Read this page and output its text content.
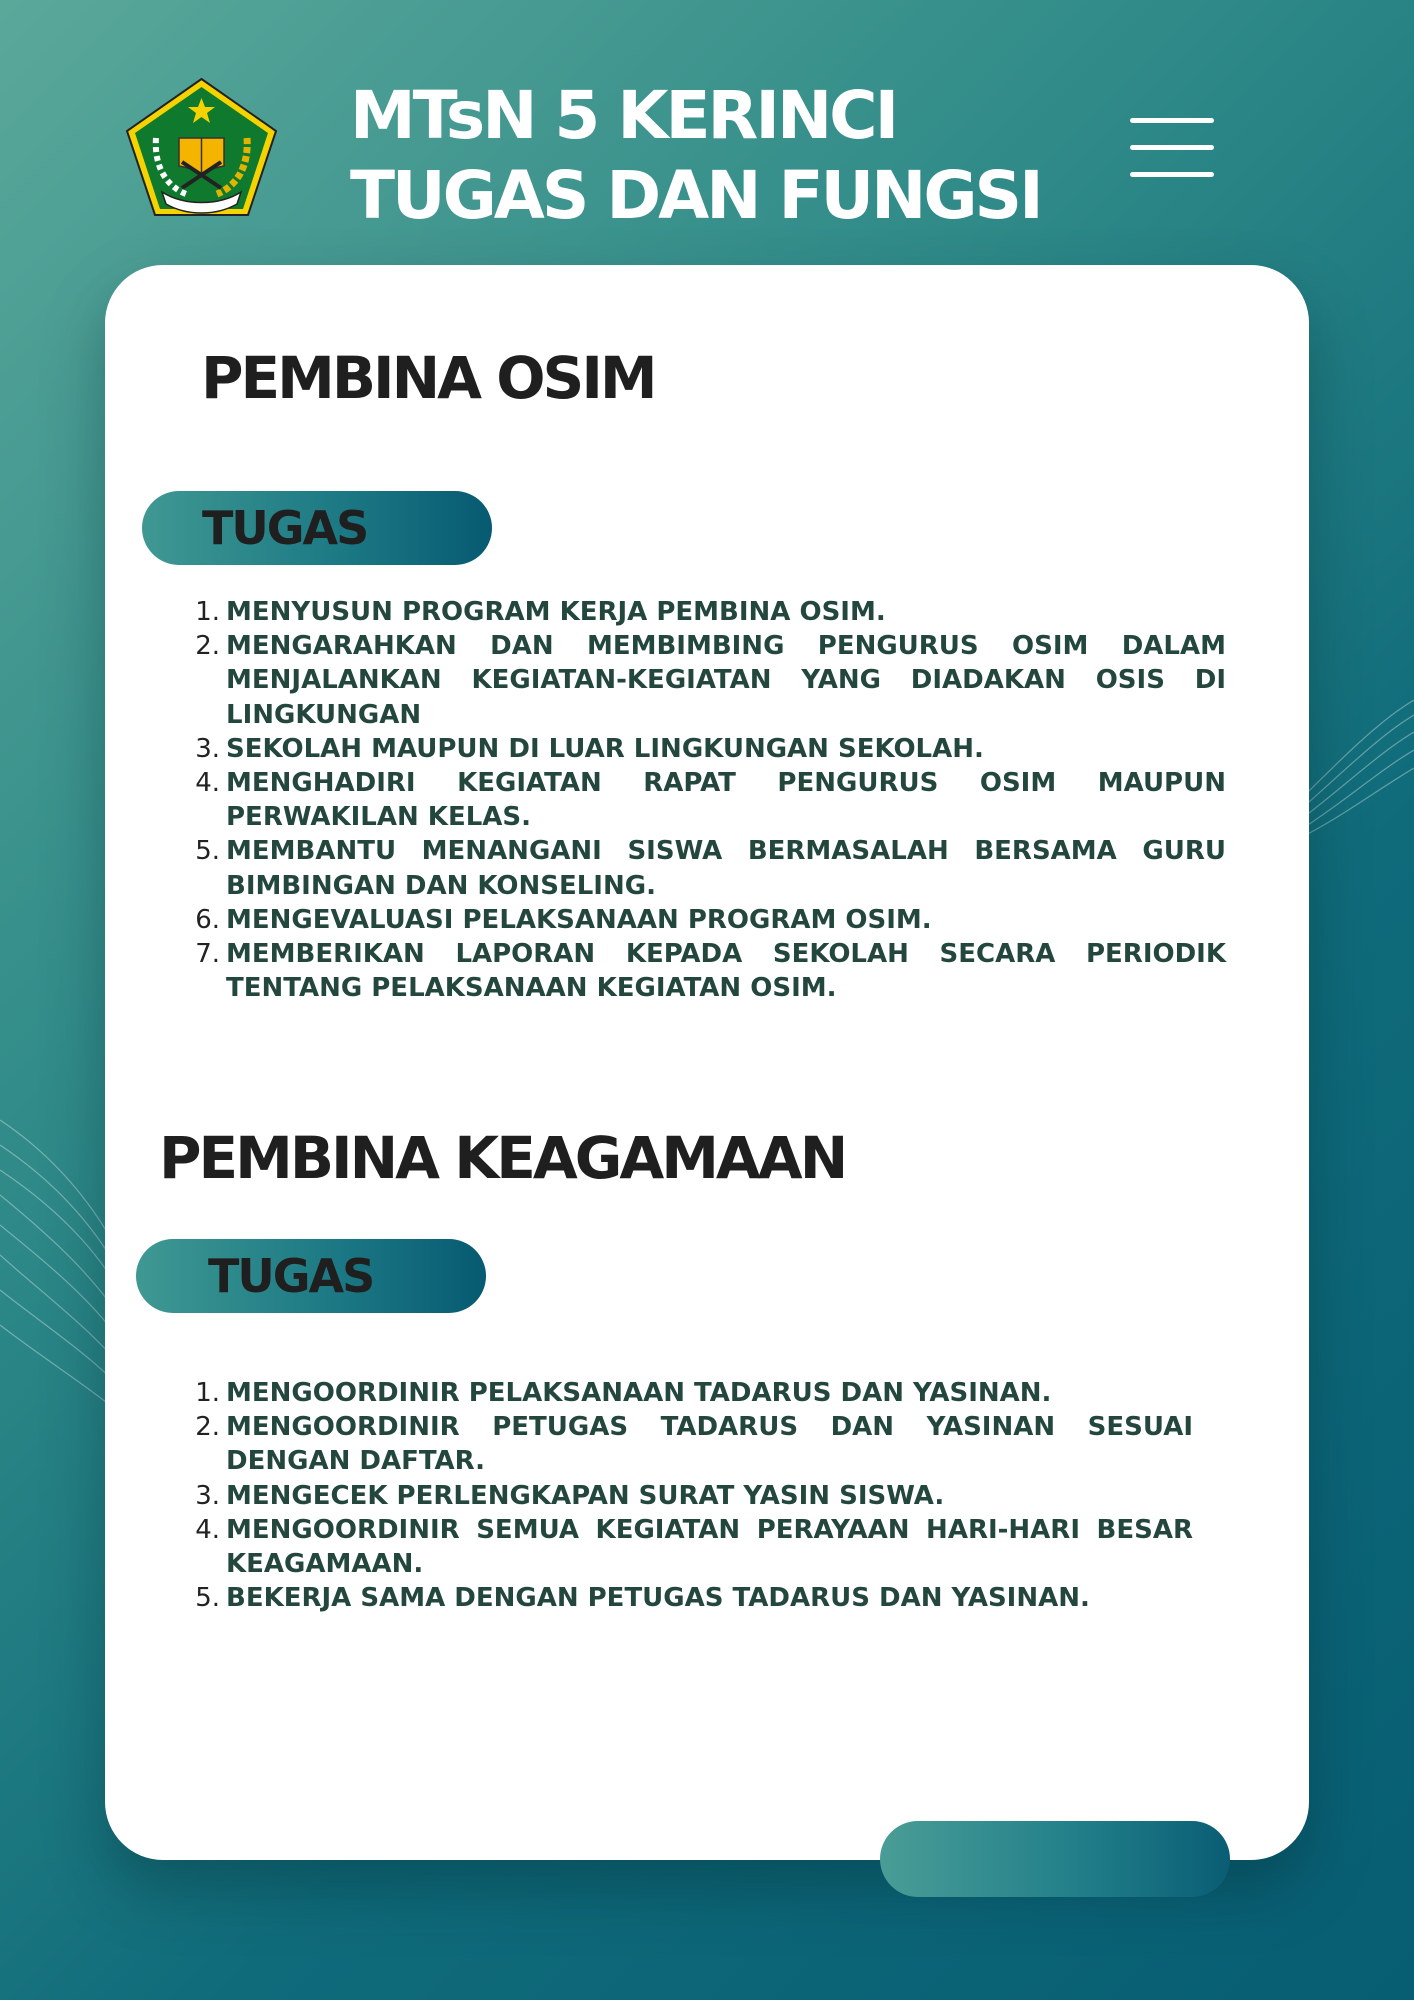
MTsN 5 KERINCI
TUGAS DAN FUNGSI
PEMBINA OSIM
TUGAS
1. MENYUSUN PROGRAM KERJA PEMBINA OSIM.
2. MENGARAHKAN DAN MEMBIMBING PENGURUS OSIM DALAM MENJALANKAN KEGIATAN-KEGIATAN YANG DIADAKAN OSIS DI LINGKUNGAN
3. SEKOLAH MAUPUN DI LUAR LINGKUNGAN SEKOLAH.
4. MENGHADIRI KEGIATAN RAPAT PENGURUS OSIM MAUPUN PERWAKILAN KELAS.
5. MEMBANTU MENANGANI SISWA BERMASALAH BERSAMA GURU BIMBINGAN DAN KONSELING.
6. MENGEVALUASI PELAKSANAAN PROGRAM OSIM.
7. MEMBERIKAN LAPORAN KEPADA SEKOLAH SECARA PERIODIK TENTANG PELAKSANAAN KEGIATAN OSIM.
PEMBINA KEAGAMAAN
TUGAS
1. MENGOORDINIR PELAKSANAAN TADARUS DAN YASINAN.
2. MENGOORDINIR PETUGAS TADARUS DAN YASINAN SESUAI DENGAN DAFTAR.
3. MENGECEK PERLENGKAPAN SURAT YASIN SISWA.
4. MENGOORDINIR SEMUA KEGIATAN PERAYAAN HARI-HARI BESAR KEAGAMAAN.
5. BEKERJA SAMA DENGAN PETUGAS TADARUS DAN YASINAN.
